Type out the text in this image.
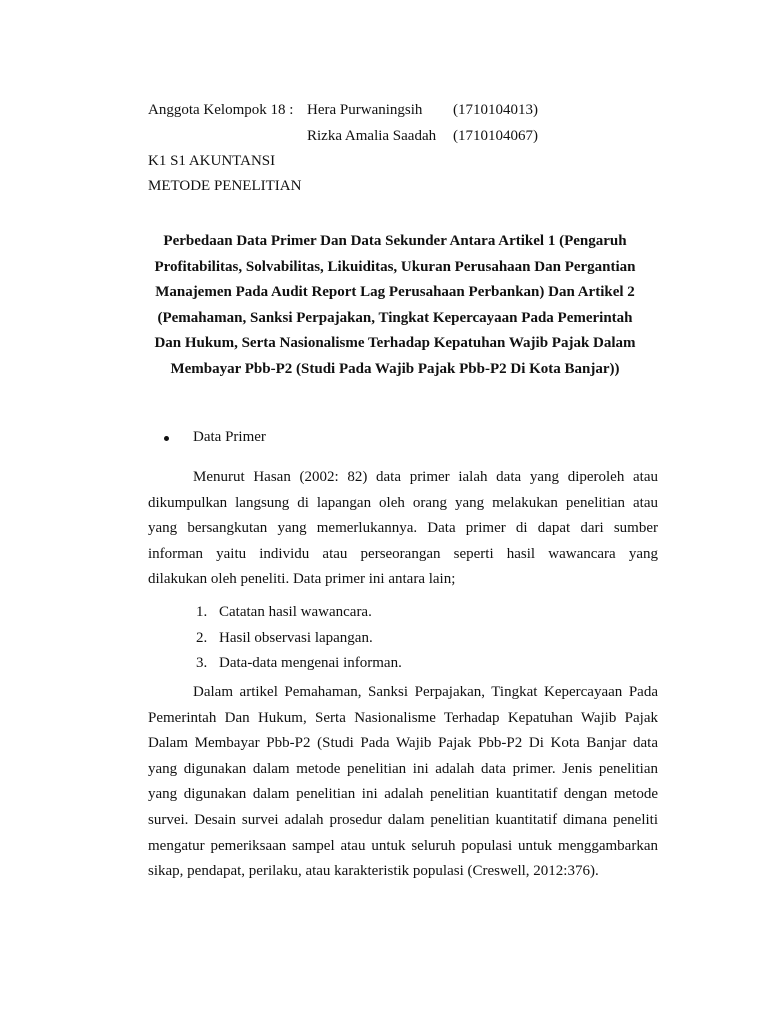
Anggota Kelompok 18 : Hera Purwaningsih (1710104013)
Rizka Amalia Saadah (1710104067)
K1 S1 AKUNTANSI
METODE PENELITIAN
Perbedaan Data Primer Dan Data Sekunder Antara Artikel 1 (Pengaruh
Profitabilitas, Solvabilitas, Likuiditas, Ukuran Perusahaan Dan Pergantian
Manajemen Pada Audit Report Lag Perusahaan Perbankan) Dan Artikel 2
(Pemahaman, Sanksi Perpajakan, Tingkat Kepercayaan Pada Pemerintah
Dan Hukum, Serta Nasionalisme Terhadap Kepatuhan Wajib Pajak Dalam
Membayar Pbb-P2 (Studi Pada Wajib Pajak Pbb-P2 Di Kota Banjar))
Data Primer
Menurut Hasan (2002: 82) data primer ialah data yang diperoleh atau
dikumpulkan langsung di lapangan oleh orang yang melakukan penelitian atau
yang bersangkutan yang memerlukannya. Data primer di dapat dari sumber
informan yaitu individu atau perseorangan seperti hasil wawancara yang
dilakukan oleh peneliti. Data primer ini antara lain;
1. Catatan hasil wawancara.
2. Hasil observasi lapangan.
3. Data-data mengenai informan.
Dalam artikel Pemahaman, Sanksi Perpajakan, Tingkat Kepercayaan Pada
Pemerintah Dan Hukum, Serta Nasionalisme Terhadap Kepatuhan Wajib Pajak
Dalam Membayar Pbb-P2 (Studi Pada Wajib Pajak Pbb-P2 Di Kota Banjar data
yang digunakan dalam metode penelitian ini adalah data primer. Jenis penelitian
yang digunakan dalam penelitian ini adalah penelitian kuantitatif dengan metode
survei. Desain survei adalah prosedur dalam penelitian kuantitatif dimana peneliti
mengatur pemeriksaan sampel atau untuk seluruh populasi untuk menggambarkan
sikap, pendapat, perilaku, atau karakteristik populasi (Creswell, 2012:376).
